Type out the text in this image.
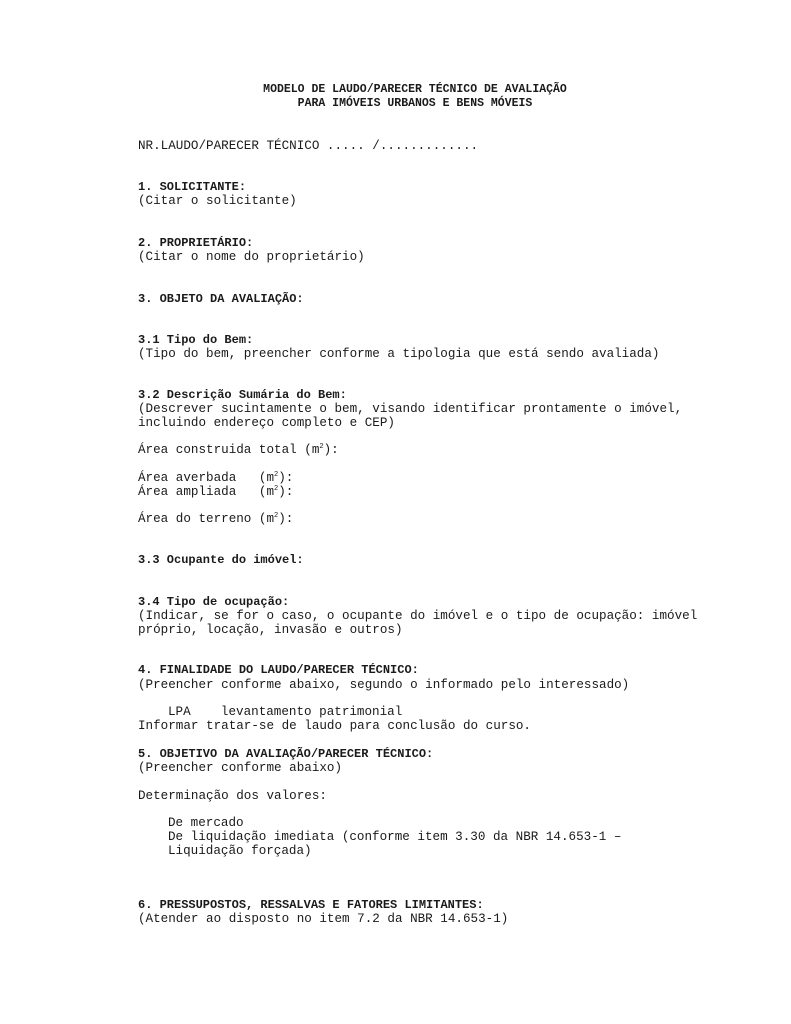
MODELO DE LAUDO/PARECER TÉCNICO DE AVALIAÇÃO
PARA IMÓVEIS URBANOS E BENS MÓVEIS
NR.LAUDO/PARECER TÉCNICO ..... /.............
1. SOLICITANTE:
(Citar o solicitante)
2. PROPRIETÁRIO:
(Citar o nome do proprietário)
3. OBJETO DA AVALIAÇÃO:
3.1 Tipo do Bem:
(Tipo do bem, preencher conforme a tipologia que está sendo avaliada)
3.2 Descrição Sumária do Bem:
(Descrever sucintamente o bem, visando identificar prontamente o imóvel,
incluindo endereço completo e CEP)
Área construida total $(m^2)$:
Área averbada   $(m^2)$:
Área ampliada   $(m^2)$:
Área do terreno $(m^2)$:
3.3 Ocupante do imóvel:
3.4 Tipo de ocupação:
(Indicar, se for o caso, o ocupante do imóvel e o tipo de ocupação: imóvel
próprio, locação, invasão e outros)
4. FINALIDADE DO LAUDO/PARECER TÉCNICO:
(Preencher conforme abaixo, segundo o informado pelo interessado)
LPA    levantamento patrimonial
Informar tratar-se de laudo para conclusão do curso.
5. OBJETIVO DA AVALIAÇÃO/PARECER TÉCNICO:
(Preencher conforme abaixo)
Determinação dos valores:
De mercado
De liquidação imediata (conforme item 3.30 da NBR 14.653-1 –
Liquidação forçada)
6. PRESSUPOSTOS, RESSALVAS E FATORES LIMITANTES:
(Atender ao disposto no item 7.2 da NBR 14.653-1)
